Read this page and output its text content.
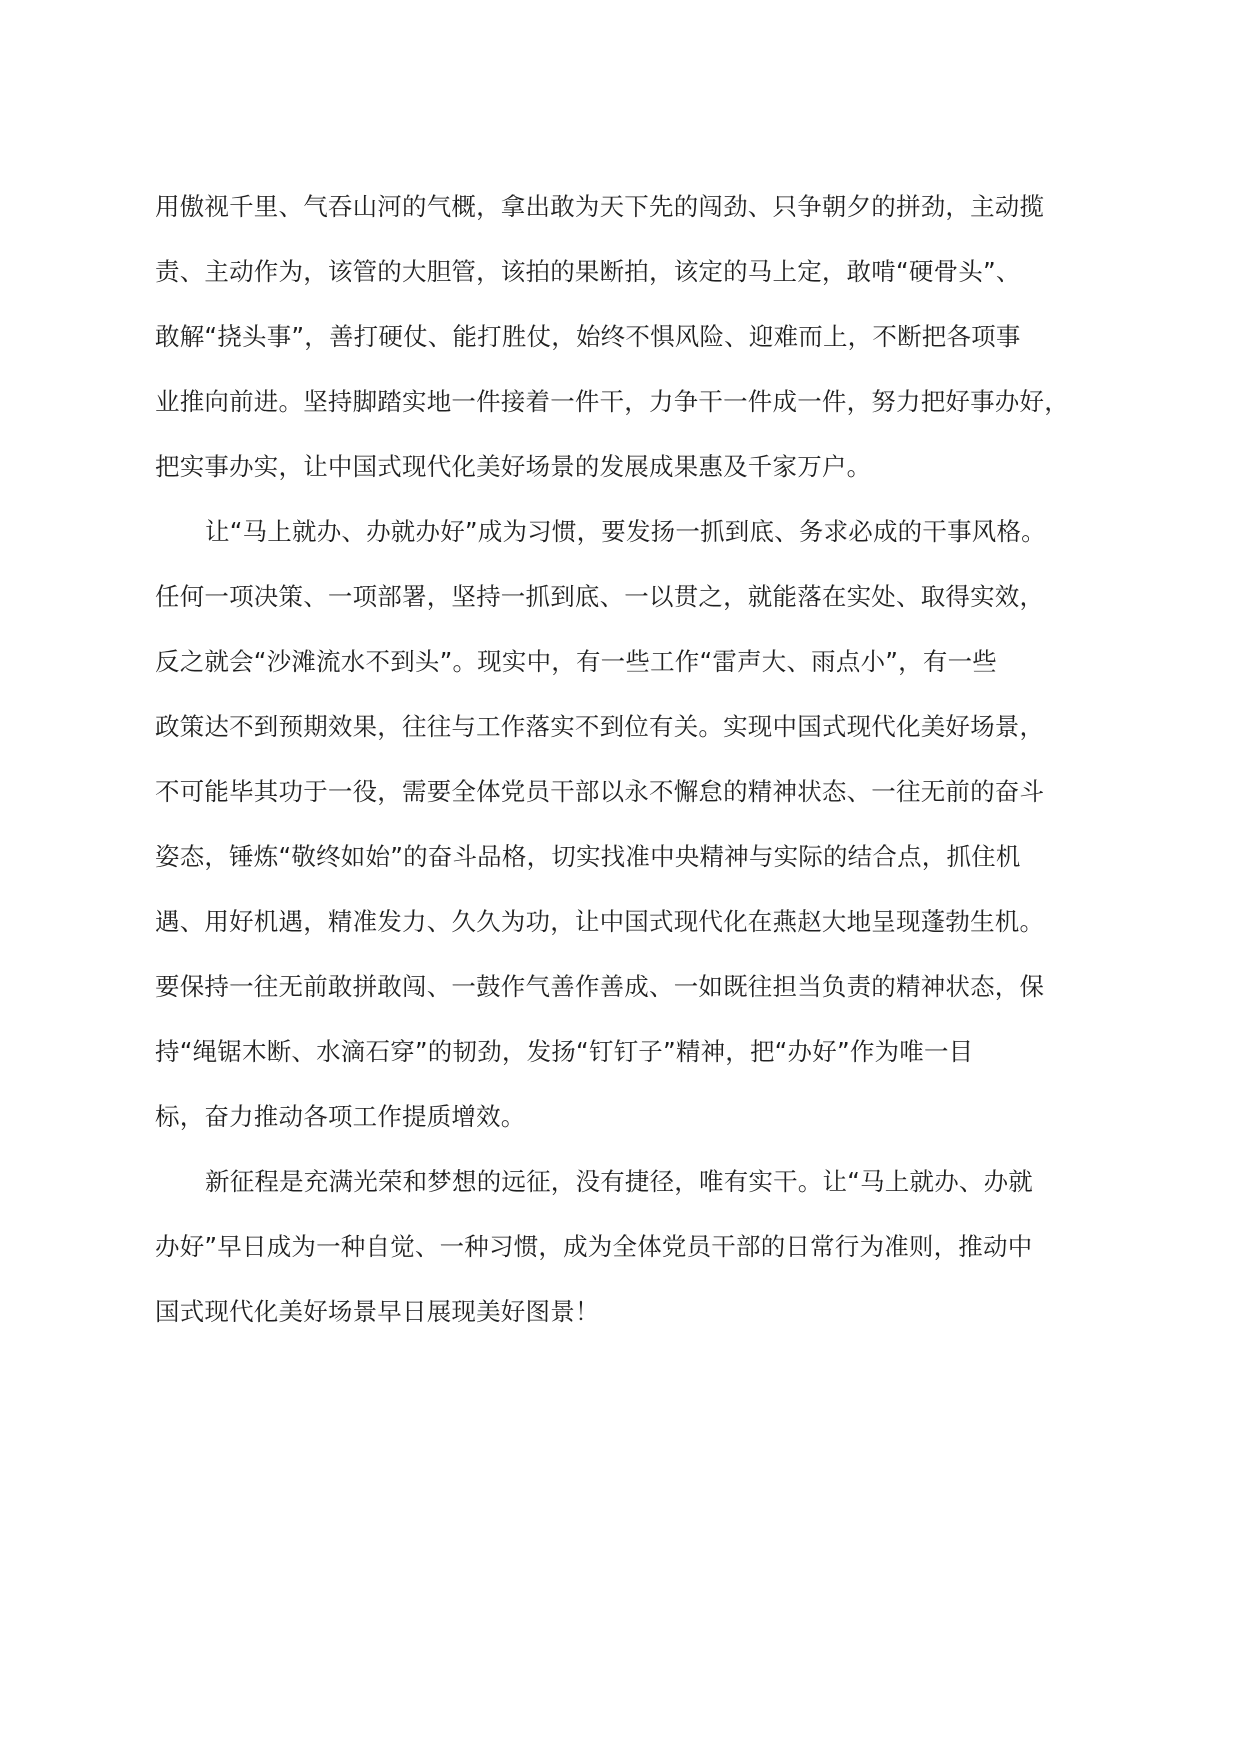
用傲视千里、气吞山河的气概，拿出敢为天下先的闯劲、只争朝夕的拼劲，主动揽
责、主动作为，该管的大胆管，该拍的果断拍，该定的马上定，敢啃“硬骨头”、
敢解“挠头事”，善打硬仗、能打胜仗，始终不惧风险、迎难而上，不断把各项事
业推向前进。坚持脚踏实地一件接着一件干，力争干一件成一件，努力把好事办好，
把实事办实，让中国式现代化美好场景的发展成果惠及千家万户。
让“马上就办、办就办好”成为习惯，要发扬一抓到底、务求必成的干事风格。
任何一项决策、一项部署，坚持一抓到底、一以贯之，就能落在实处、取得实效，
反之就会“沙滩流水不到头”。现实中，有一些工作“雷声大、雨点小”，有一些
政策达不到预期效果，往往与工作落实不到位有关。实现中国式现代化美好场景，
不可能毕其功于一役，需要全体党员干部以永不懈怠的精神状态、一往无前的奋斗
姿态，锤炼“敬终如始”的奋斗品格，切实找准中央精神与实际的结合点，抓住机
遇、用好机遇，精准发力、久久为功，让中国式现代化在燕赵大地呈现蓬勃生机。
要保持一往无前敢拼敢闯、一鼓作气善作善成、一如既往担当负责的精神状态，保
持“绳锯木断、水滴石穿”的韧劲，发扬“钉钉子”精神，把“办好”作为唯一目
标，奋力推动各项工作提质增效。
新征程是充满光荣和梦想的远征，没有捷径，唯有实干。让“马上就办、办就
办好”早日成为一种自觉、一种习惯，成为全体党员干部的日常行为准则，推动中
国式现代化美好场景早日展现美好图景！
